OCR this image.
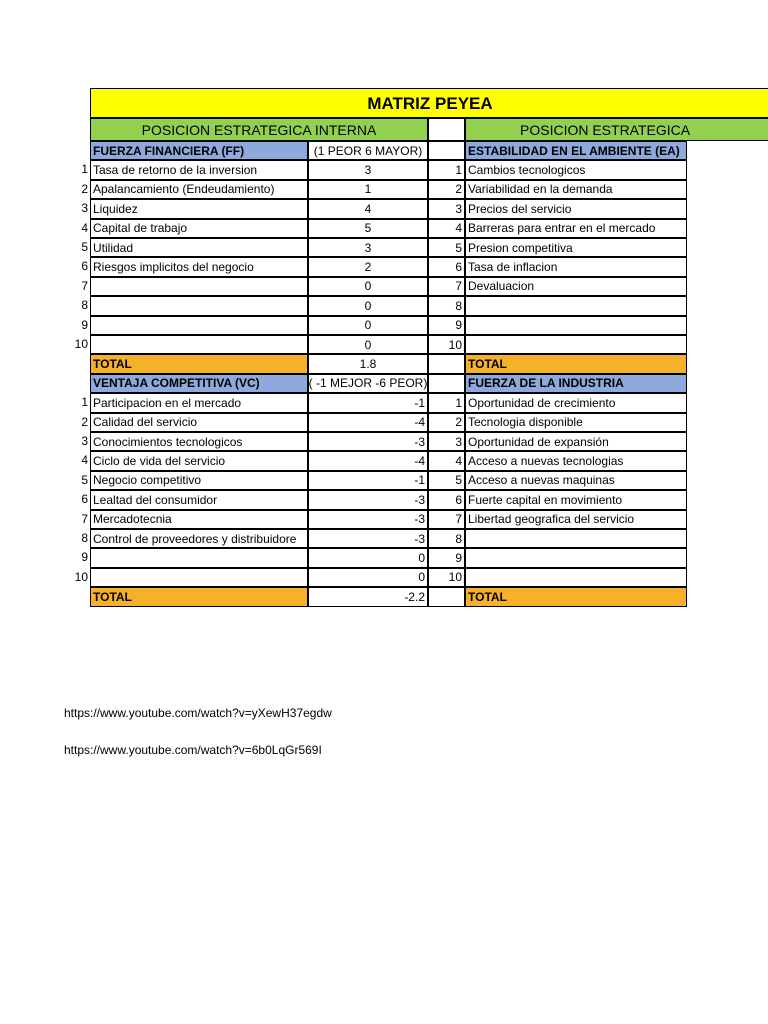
MATRIZ PEYEA
POSICION ESTRATEGICA INTERNA	POSICION ESTRATEGICA
FUERZA FINANCIERA (FF)	(1 PEOR 6 MAYOR)	ESTABILIDAD EN EL AMBIENTE (EA)
1 Tasa de retorno de la inversion	3	1 Cambios tecnologicos
2 Apalancamiento (Endeudamiento)	1	2 Variabilidad en la demanda
3 Liquidez	4	3 Precios del servicio
4 Capital de trabajo	5	4 Barreras para entrar en el mercado
5 Utilidad	3	5 Presion competitiva
6 Riesgos implicitos del negocio	2	6 Tasa de inflacion
7	0	7 Devaluacion
8	0	8
9	0	9
10	0	10
TOTAL	1.8	TOTAL
VENTAJA COMPETITIVA (VC)	( -1 MEJOR -6 PEOR)	FUERZA DE LA INDUSTRIA
1 Participacion en el mercado	-1	1 Oportunidad de crecimiento
2 Calidad del servicio	-4	2 Tecnologia disponible
3 Conocimientos tecnologicos	-3	3 Oportunidad de expansión
4 Ciclo de vida del servicio	-4	4 Acceso a nuevas tecnologias
5 Negocio competitivo	-1	5 Acceso a nuevas maquinas
6 Lealtad del consumidor	-3	6 Fuerte capital en movimiento
7 Mercadotecnia	-3	7 Libertad geografica del servicio
8 Control de proveedores y distribuidore	-3	8
9	0	9
10	0	10
TOTAL	-2.2	TOTAL
https://www.youtube.com/watch?v=yXewH37egdw
https://www.youtube.com/watch?v=6b0LqGr569I
